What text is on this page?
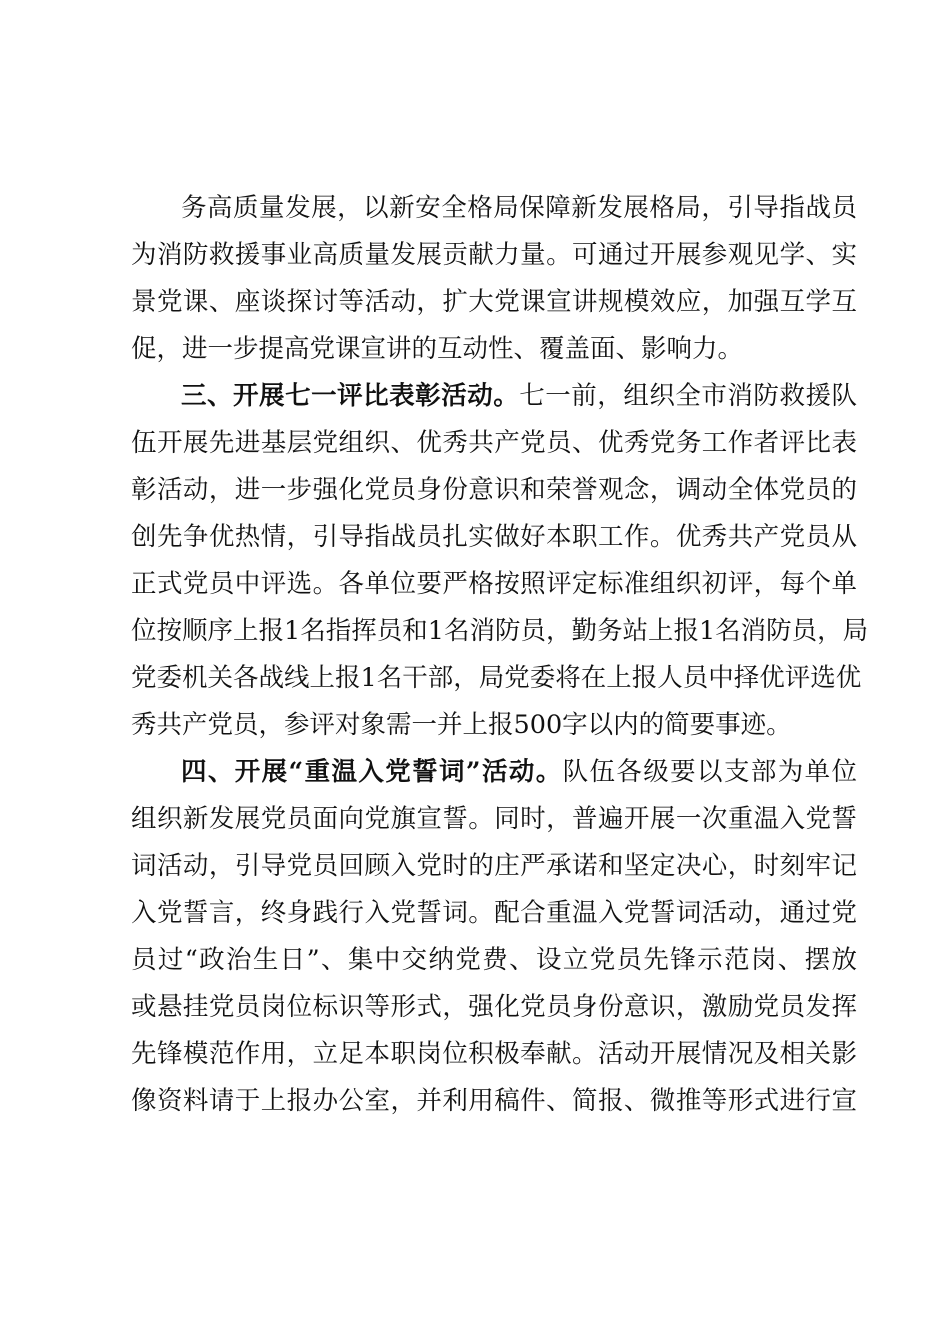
务高质量发展，以新安全格局保障新发展格局，引导指战员
为消防救援事业高质量发展贡献力量。可通过开展参观见学、实
景党课、座谈探讨等活动，扩大党课宣讲规模效应，加强互学互
促，进一步提高党课宣讲的互动性、覆盖面、影响力。
三、开展七一评比表彰活动。七一前，组织全市消防救援队
伍开展先进基层党组织、优秀共产党员、优秀党务工作者评比表
彰活动，进一步强化党员身份意识和荣誉观念，调动全体党员的
创先争优热情，引导指战员扎实做好本职工作。优秀共产党员从
正式党员中评选。各单位要严格按照评定标准组织初评，每个单
位按顺序上报1名指挥员和1名消防员，勤务站上报1名消防员，局
党委机关各战线上报1名干部，局党委将在上报人员中择优评选优
秀共产党员，参评对象需一并上报500字以内的简要事迹。
四、开展“重温入党誓词”活动。队伍各级要以支部为单位
组织新发展党员面向党旗宣誓。同时，普遍开展一次重温入党誓
词活动，引导党员回顾入党时的庄严承诺和坚定决心，时刻牢记
入党誓言，终身践行入党誓词。配合重温入党誓词活动，通过党
员过“政治生日”、集中交纳党费、设立党员先锋示范岗、摆放
或悬挂党员岗位标识等形式，强化党员身份意识，激励党员发挥
先锋模范作用，立足本职岗位积极奉献。活动开展情况及相关影
像资料请于上报办公室，并利用稿件、简报、微推等形式进行宣
